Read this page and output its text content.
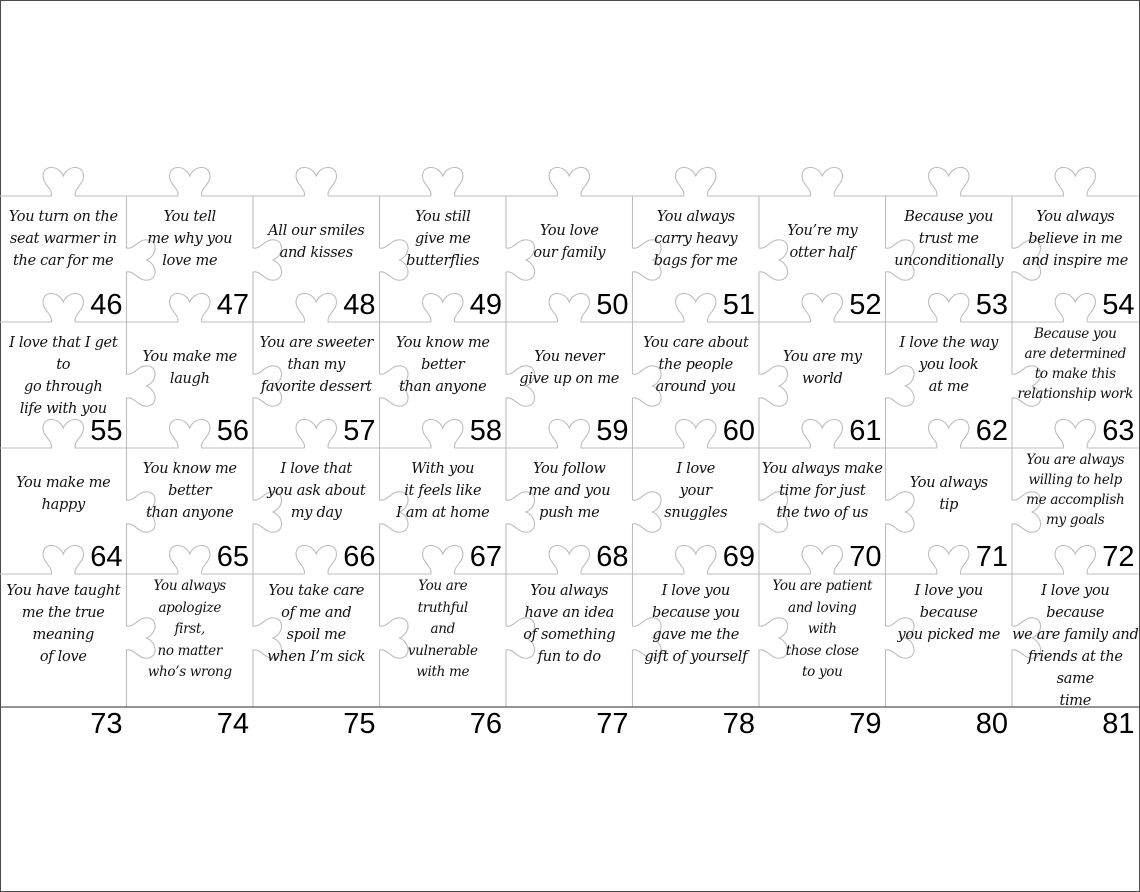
You turn on the
seat warmer in
the car for me
46
You tell
me why you
love me
47
All our smiles
and kisses
48
You still
give me
butterflies
49
You love
our family
50
You always
carry heavy
bags for me
51
You’re my
otter half
52
Because you
trust me
unconditionally
53
You always
believe in me
and inspire me
54
I love that I get to
go through
life with you
55
You make me
laugh
56
You are sweeter
than my
favorite dessert
57
You know me
better
than anyone
58
You never
give up on me
59
You care about
the people
around you
60
You are my
world
61
I love the way
you look
at me
62
Because you
are determined
to make this
relationship work
63
You make me
happy
64
You know me
better
than anyone
65
I love that
you ask about
my day
66
With you
it feels like
I am at home
67
You follow
me and you
push me
68
I love
your
snuggles
69
You always make
time for just
the two of us
70
You always
tip
71
You are always
willing to help
me accomplish
my goals
72
You have taught
me the true
meaning
of love
73
You always
apologize
first,
no matter
who’s wrong
74
You take care
of me and
spoil me
when I’m sick
75
You are
truthful
and
vulnerable
with me
76
You always
have an idea
of something
fun to do
77
I love you
because you
gave me the
gift of yourself
78
You are patient
and loving
with
those close
to you
79
I love you
because
you picked me
80
I love you because
we are family and
friends at the same
time
81
